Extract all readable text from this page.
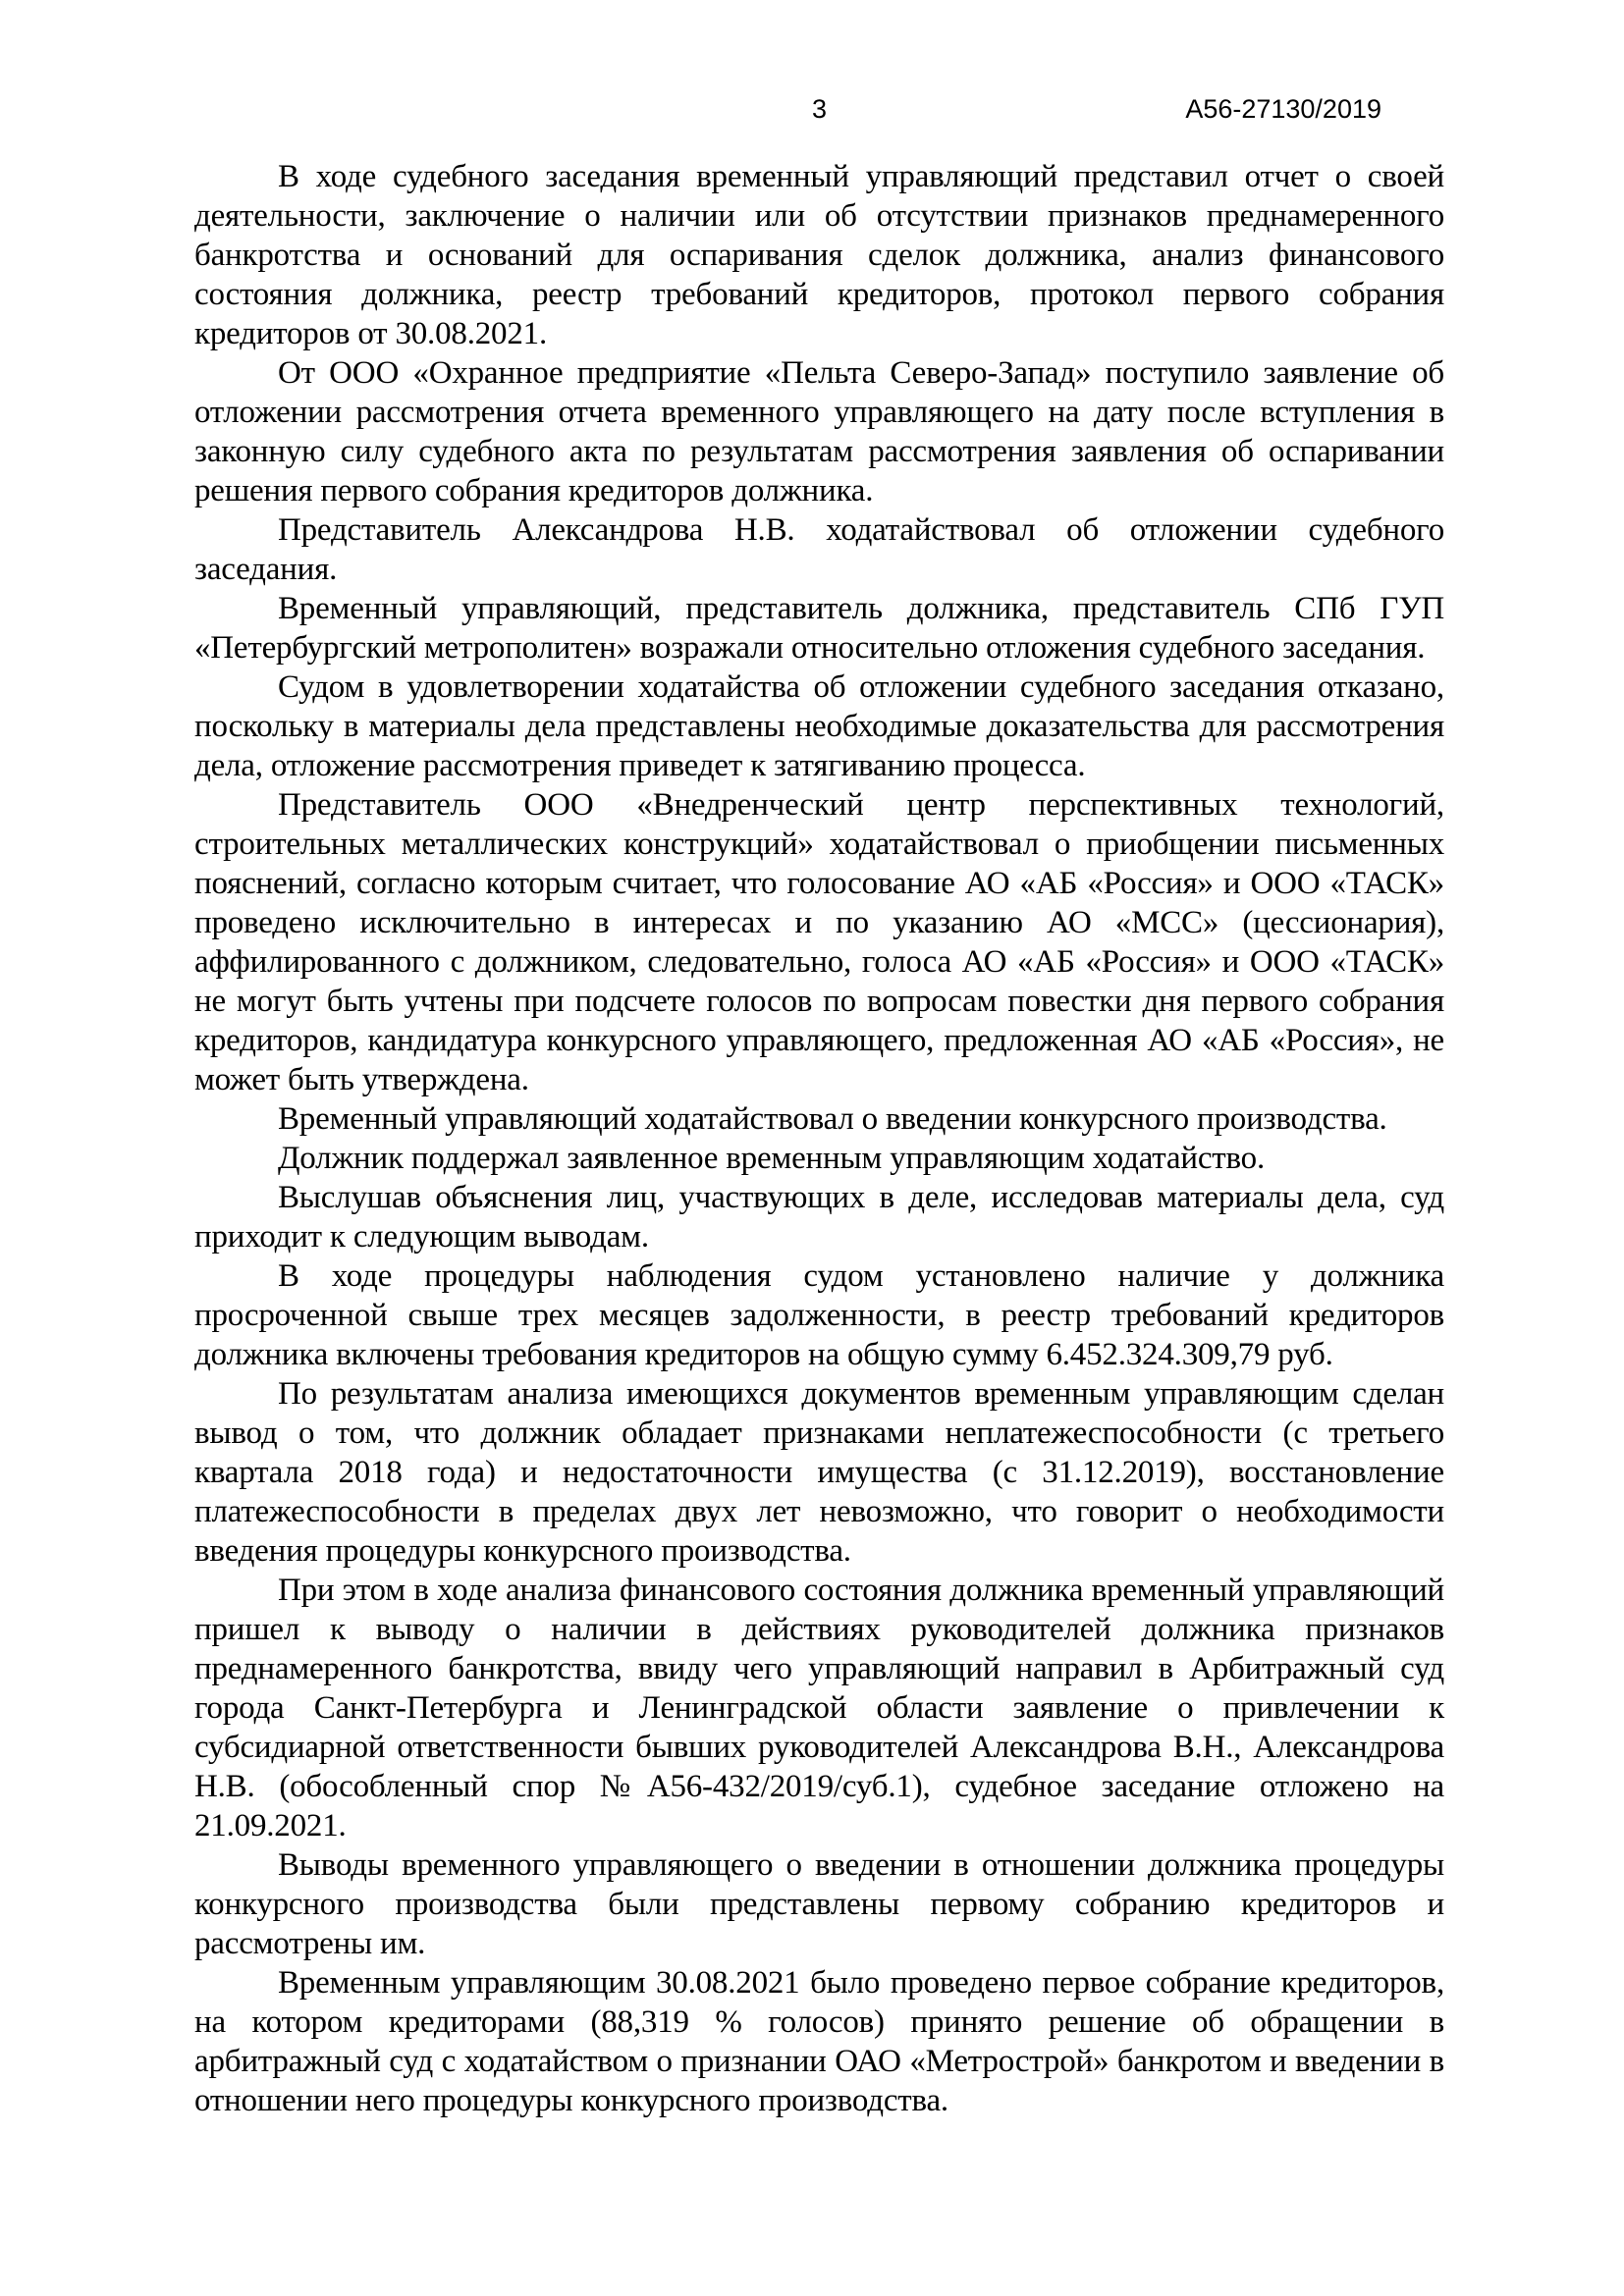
3	А56-27130/2019

В ходе судебного заседания временный управляющий представил отчет о своей деятельности, заключение о наличии или об отсутствии признаков преднамеренного банкротства и оснований для оспаривания сделок должника, анализ финансового состояния должника, реестр требований кредиторов, протокол первого собрания кредиторов от 30.08.2021.

От ООО «Охранное предприятие «Пельта Северо-Запад» поступило заявление об отложении рассмотрения отчета временного управляющего на дату после вступления в законную силу судебного акта по результатам рассмотрения заявления об оспаривании решения первого собрания кредиторов должника.

Представитель Александрова Н.В. ходатайствовал об отложении судебного заседания.

Временный управляющий, представитель должника, представитель СПб ГУП «Петербургский метрополитен» возражали относительно отложения судебного заседания.

Судом в удовлетворении ходатайства об отложении судебного заседания отказано, поскольку в материалы дела представлены необходимые доказательства для рассмотрения дела, отложение рассмотрения приведет к затягиванию процесса.

Представитель ООО «Внедренческий центр перспективных технологий, строительных металлических конструкций» ходатайствовал о приобщении письменных пояснений, согласно которым считает, что голосование АО «АБ «Россия» и ООО «ТАСК» проведено исключительно в интересах и по указанию АО «МСС» (цессионария), аффилированного с должником, следовательно, голоса АО «АБ «Россия» и ООО «ТАСК» не могут быть учтены при подсчете голосов по вопросам повестки дня первого собрания кредиторов, кандидатура конкурсного управляющего, предложенная АО «АБ «Россия», не может быть утверждена.

Временный управляющий ходатайствовал о введении конкурсного производства.

Должник поддержал заявленное временным управляющим ходатайство.

Выслушав объяснения лиц, участвующих в деле, исследовав материалы дела, суд приходит к следующим выводам.

В ходе процедуры наблюдения судом установлено наличие у должника просроченной свыше трех месяцев задолженности, в реестр требований кредиторов должника включены требования кредиторов на общую сумму 6.452.324.309,79 руб.

По результатам анализа имеющихся документов временным управляющим сделан вывод о том, что должник обладает признаками неплатежеспособности (с третьего квартала 2018 года) и недостаточности имущества (с 31.12.2019), восстановление платежеспособности в пределах двух лет невозможно, что говорит о необходимости введения процедуры конкурсного производства.

При этом в ходе анализа финансового состояния должника временный управляющий пришел к выводу о наличии в действиях руководителей должника признаков преднамеренного банкротства, ввиду чего управляющий направил в Арбитражный суд города Санкт-Петербурга и Ленинградской области заявление о привлечении к субсидиарной ответственности бывших руководителей Александрова В.Н., Александрова Н.В. (обособленный спор №А56-432/2019/суб.1), судебное заседание отложено на 21.09.2021.

Выводы временного управляющего о введении в отношении должника процедуры конкурсного производства были представлены первому собранию кредиторов и рассмотрены им.

Временным управляющим 30.08.2021 было проведено первое собрание кредиторов, на котором кредиторами (88,319 % голосов) принято решение об обращении в арбитражный суд с ходатайством о признании ОАО «Метрострой» банкротом и введении в отношении него процедуры конкурсного производства.
